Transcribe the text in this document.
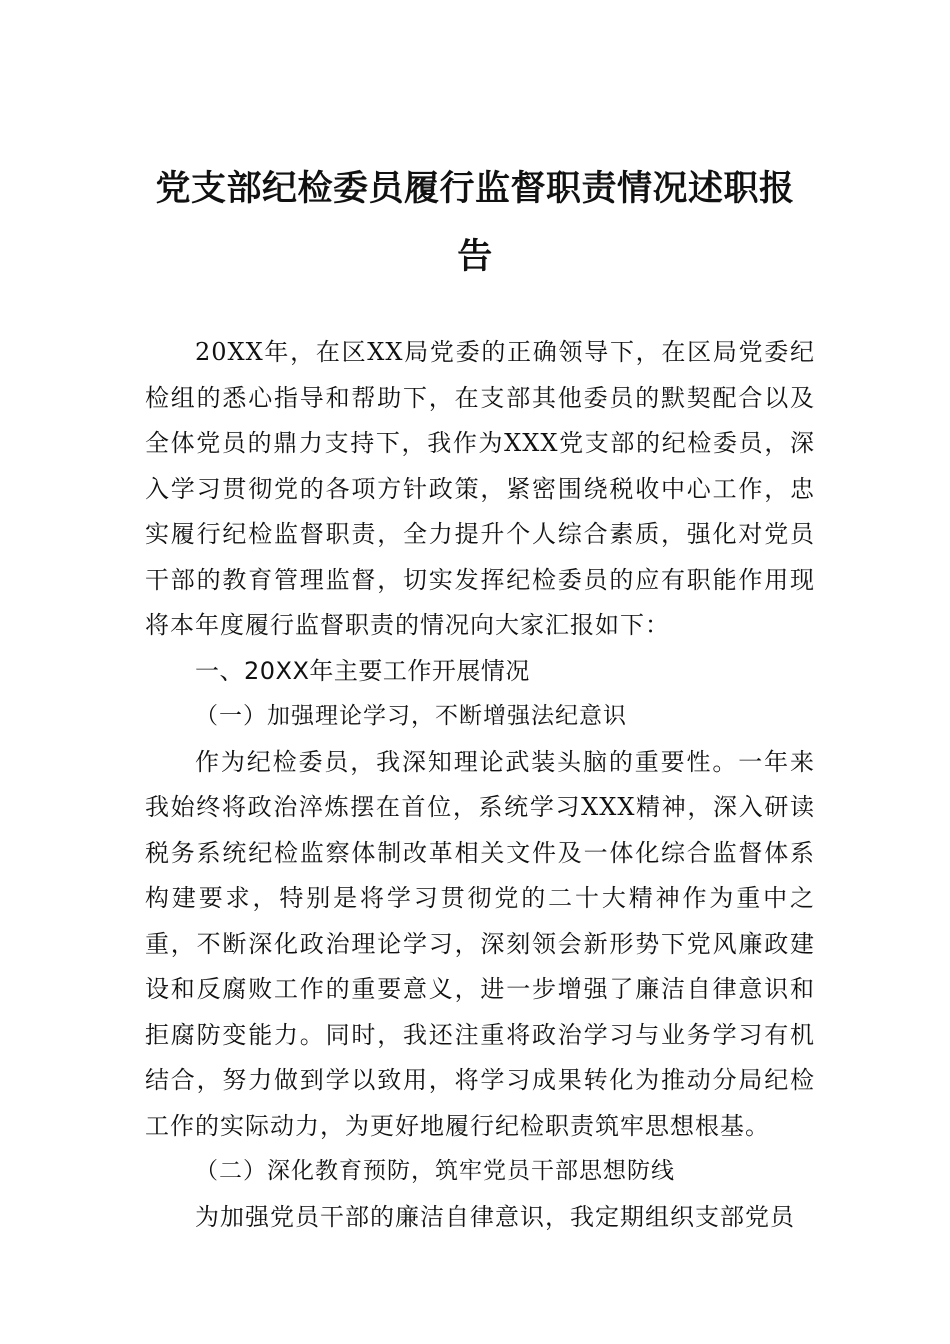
党支部纪检委员履行监督职责情况述职报
告

20XX年，在区XX局党委的正确领导下，在区局党委纪检组的悉心指导和帮助下，在支部其他委员的默契配合以及全体党员的鼎力支持下，我作为XXX党支部的纪检委员，深入学习贯彻党的各项方针政策，紧密围绕税收中心工作，忠实履行纪检监督职责，全力提升个人综合素质，强化对党员干部的教育管理监督，切实发挥纪检委员的应有职能作用现将本年度履行监督职责的情况向大家汇报如下：

一、20XX年主要工作开展情况

（一）加强理论学习，不断增强法纪意识

作为纪检委员，我深知理论武装头脑的重要性。一年来我始终将政治淬炼摆在首位，系统学习XXX精神，深入研读税务系统纪检监察体制改革相关文件及一体化综合监督体系构建要求，特别是将学习贯彻党的二十大精神作为重中之重，不断深化政治理论学习，深刻领会新形势下党风廉政建设和反腐败工作的重要意义，进一步增强了廉洁自律意识和拒腐防变能力。同时，我还注重将政治学习与业务学习有机结合，努力做到学以致用，将学习成果转化为推动分局纪检工作的实际动力，为更好地履行纪检职责筑牢思想根基。

（二）深化教育预防，筑牢党员干部思想防线

为加强党员干部的廉洁自律意识，我定期组织支部党员
